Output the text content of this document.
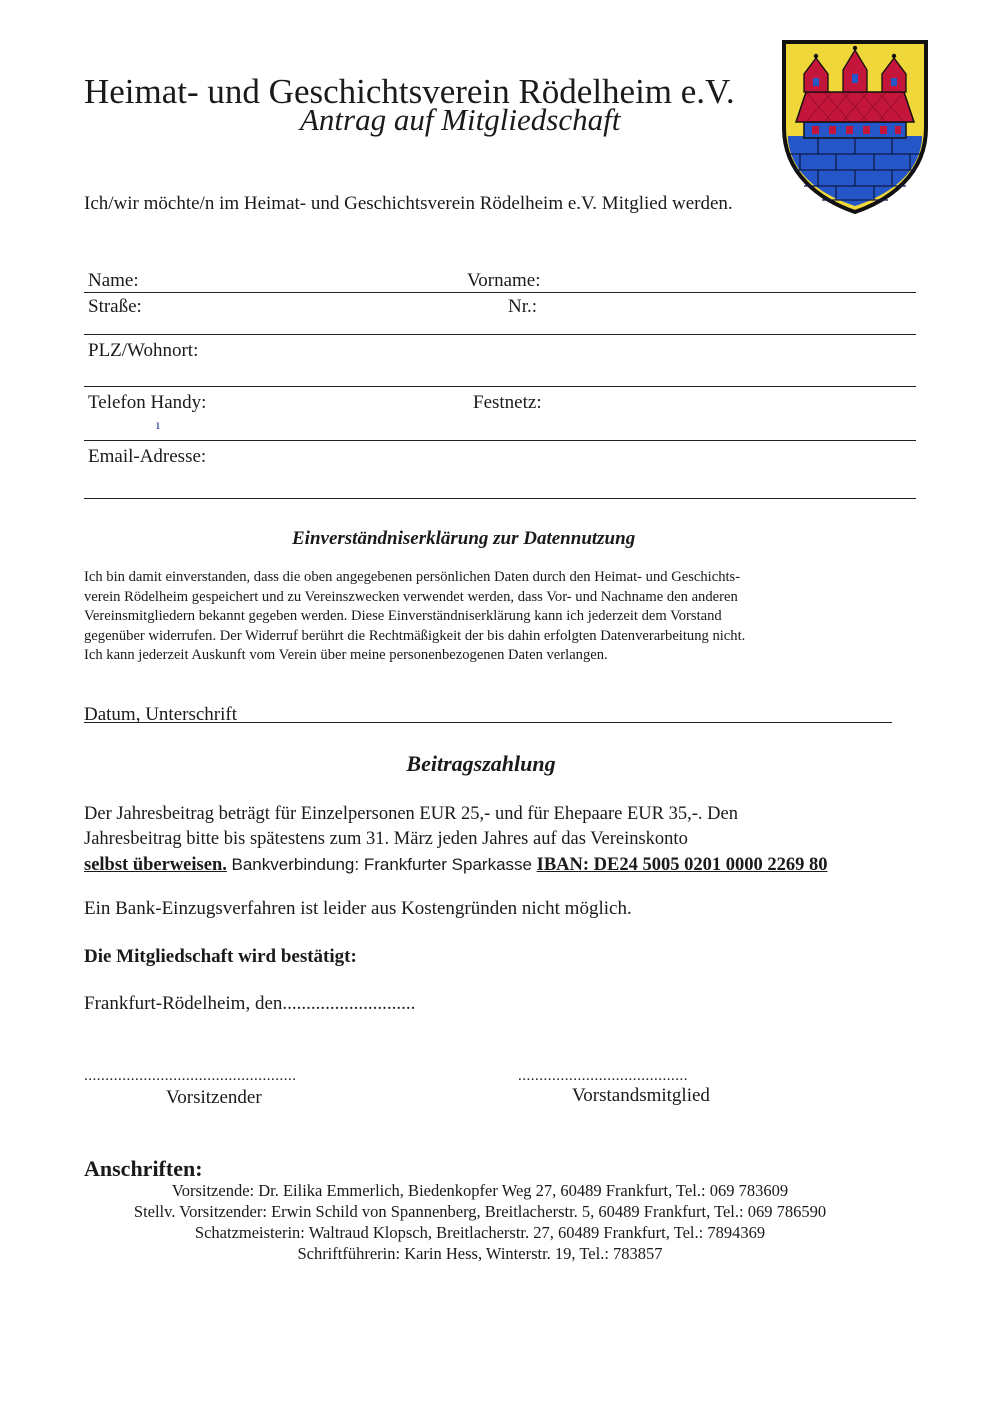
Heimat- und Geschichtsverein Rödelheim e.V.
Antrag auf Mitgliedschaft
Ich/wir möchte/n im Heimat- und Geschichtsverein Rödelheim e.V. Mitglied werden.
Name:	Vorname:
Straße:	Nr.:
PLZ/Wohnort:
Telefon Handy:	Festnetz:
ı
Email-Adresse:
Einverständniserklärung zur Datennutzung

Ich bin damit einverstanden, dass die oben angegebenen persönlichen Daten durch den Heimat- und Geschichts-

verein Rödelheim gespeichert und zu Vereinszwecken verwendet werden, dass Vor- und Nachname den anderen

Vereinsmitgliedern bekannt gegeben werden. Diese Einverständniserklärung kann ich jederzeit dem Vorstand

gegenüber widerrufen. Der Widerruf berührt die Rechtmäßigkeit der bis dahin erfolgten Datenverarbeitung nicht.

Ich kann jederzeit Auskunft vom Verein über meine personenbezogenen Daten verlangen.

Datum, Unterschrift
Beitragszahlung

Der Jahresbeitrag beträgt für Einzelpersonen EUR 25,- und für Ehepaare EUR 35,-. Den

Jahresbeitrag bitte bis spätestens zum 31. März jeden Jahres auf das Vereinskonto

selbst überweisen. Bankverbindung: Frankfurter Sparkasse IBAN: DE24 5005 0201 0000 2269 80

Ein Bank-Einzugsverfahren ist leider aus Kostengründen nicht möglich.
Die Mitgliedschaft wird bestätigt:
Frankfurt-Rödelheim, den............................
..................................................	........................................
Vorsitzender	Vorstandsmitglied
Anschriften:

Vorsitzende: Dr. Eilika Emmerlich, Biedenkopfer Weg 27, 60489 Frankfurt, Tel.: 069 783609

Stellv. Vorsitzender: Erwin Schild von Spannenberg, Breitlacherstr. 5, 60489 Frankfurt, Tel.: 069 786590

Schatzmeisterin: Waltraud Klopsch, Breitlacherstr. 27, 60489 Frankfurt, Tel.: 7894369

Schriftführerin: Karin Hess, Winterstr. 19, Tel.: 783857
